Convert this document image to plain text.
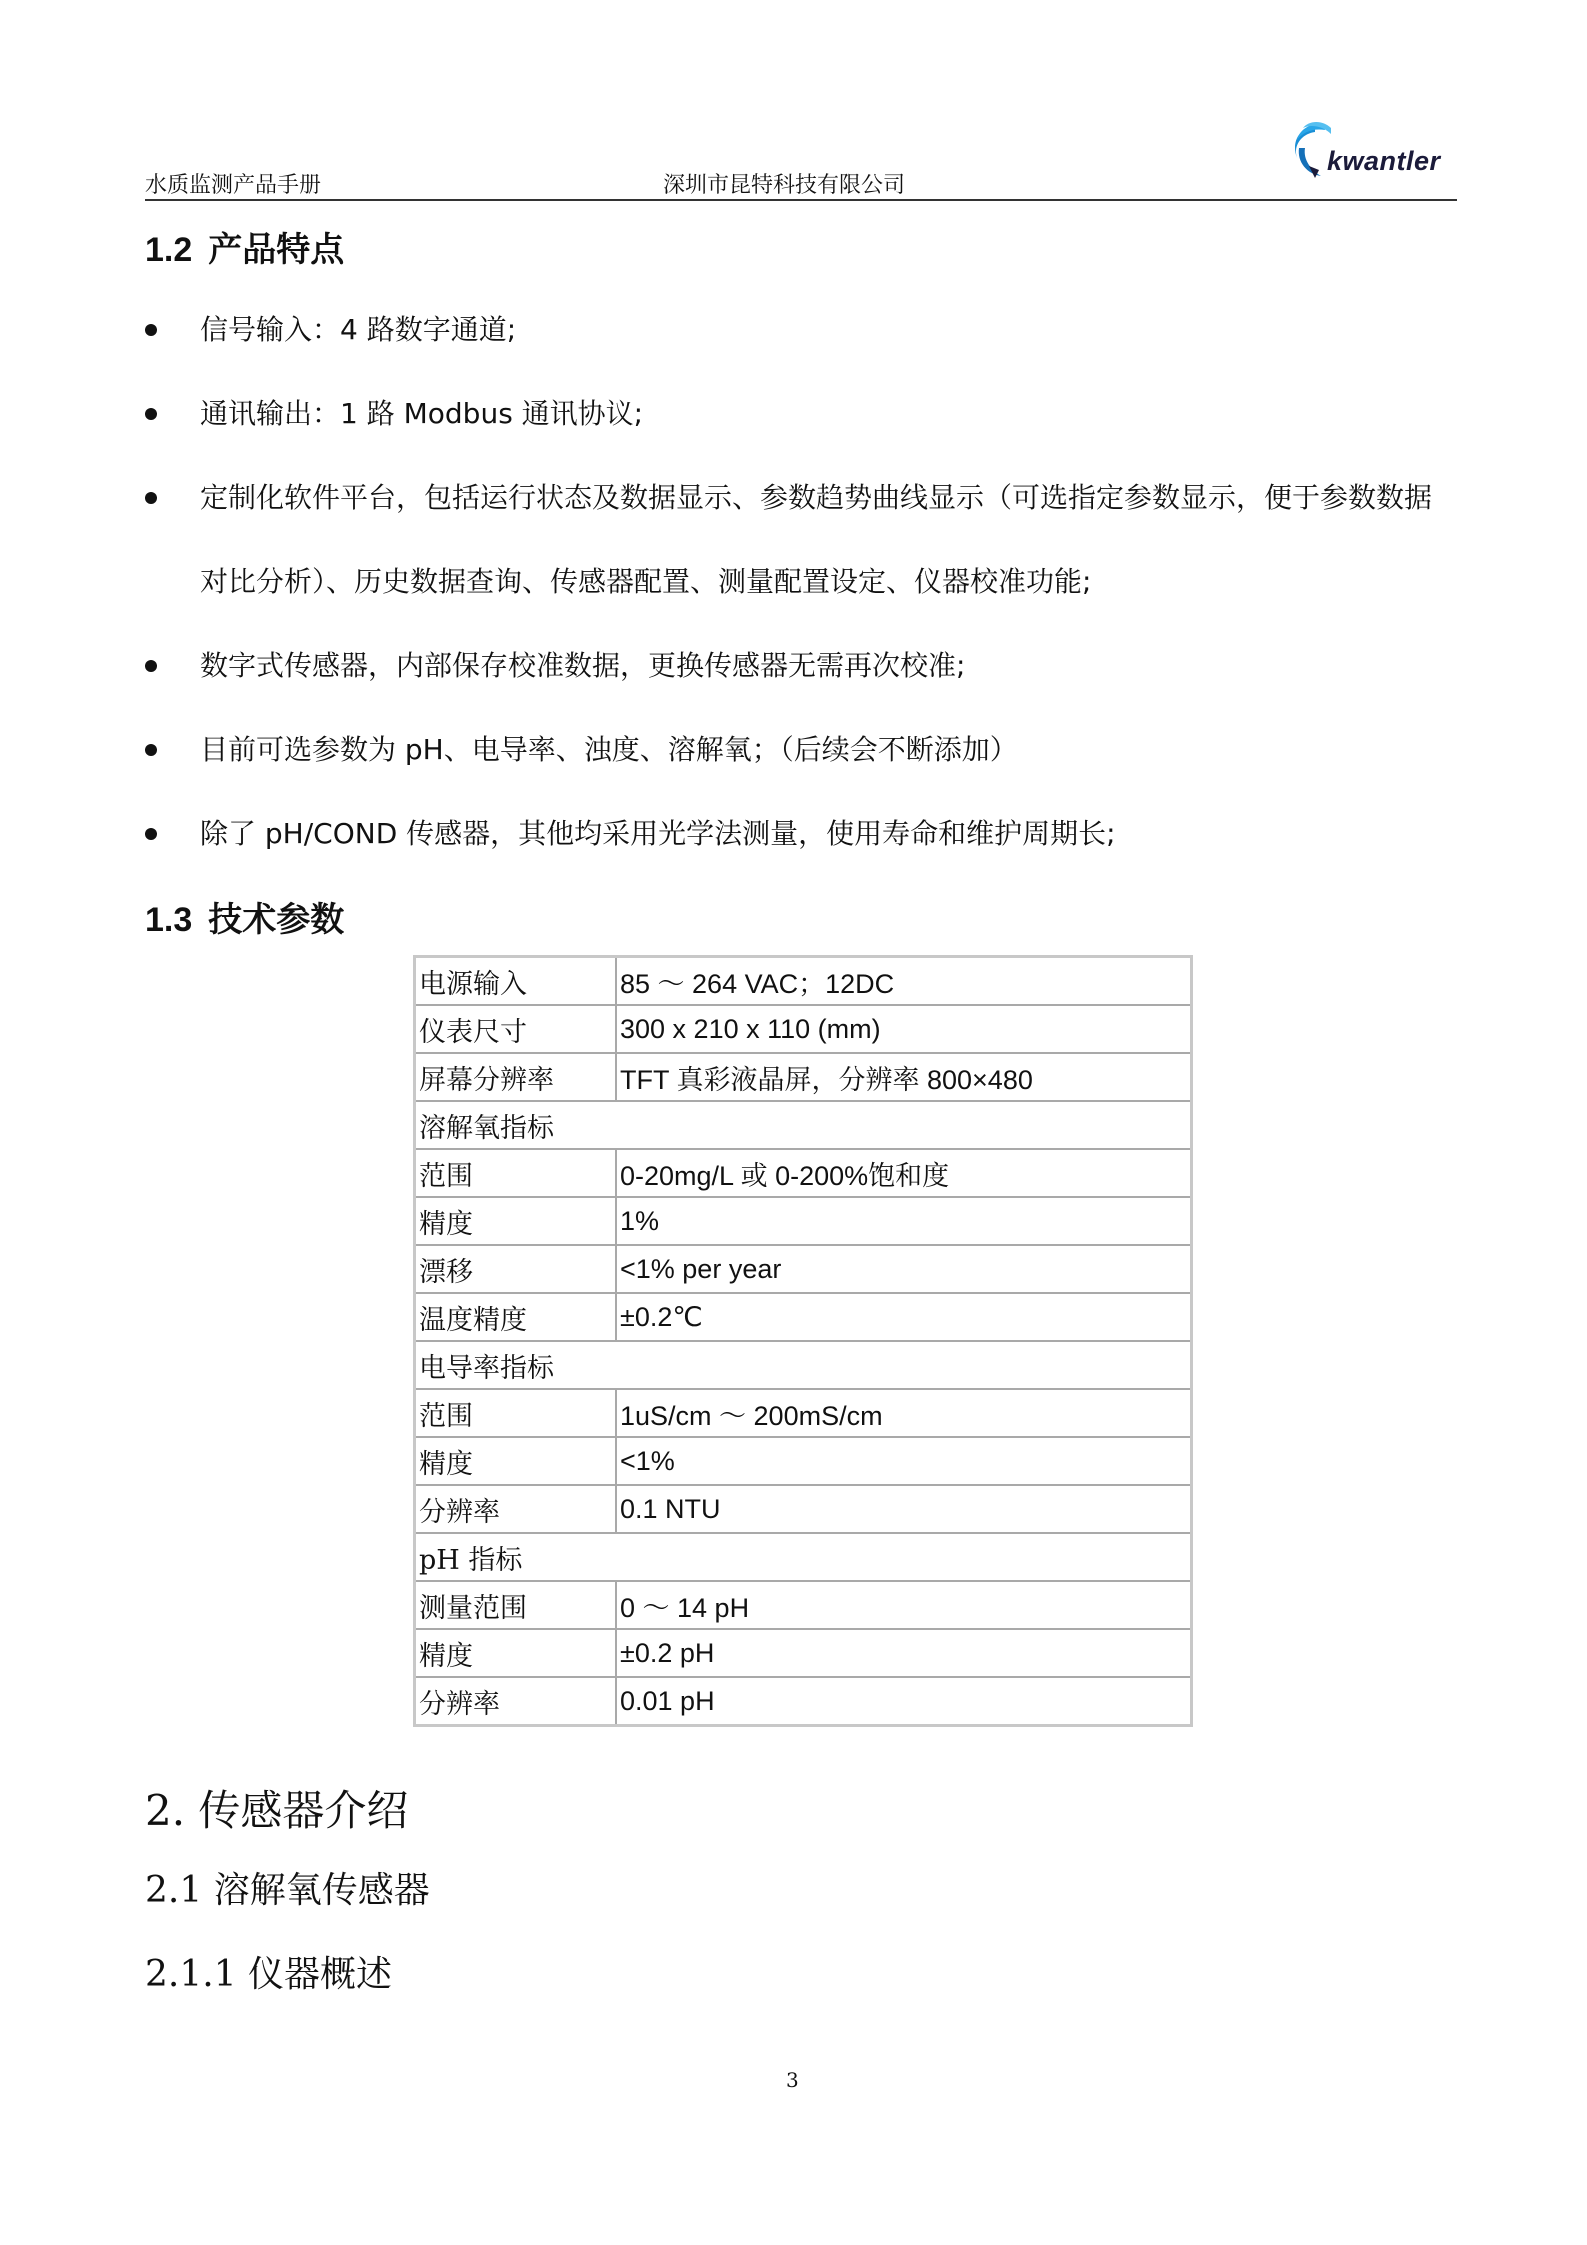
水质监测产品手册	深圳市昆特科技有限公司
kwantler
1.2 产品特点
信号输入：4 路数字通道;
通讯输出：1 路 Modbus 通讯协议;
定制化软件平台，包括运行状态及数据显示、参数趋势曲线显示（可选指定参数显示，便于参数数据
对比分析）、历史数据查询、传感器配置、测量配置设定、仪器校准功能;
数字式传感器，内部保存校准数据，更换传感器无需再次校准;
目前可选参数为 pH、电导率、浊度、溶解氧；（后续会不断添加）
除了 pH/COND 传感器，其他均采用光学法测量，使用寿命和维护周期长;
1.3 技术参数
电源输入	85 ～ 264 VAC；12DC
仪表尺寸	300 x 210 x 110 (mm)
屏幕分辨率	TFT 真彩液晶屏，分辨率 800×480
溶解氧指标	
范围	0-20mg/L 或 0-200%饱和度
精度	1%
漂移	<1% per year
温度精度	±0.2℃
电导率指标	
范围	1uS/cm ～ 200mS/cm
精度	<1%
分辨率	0.1 NTU
pH 指标	
测量范围	0 ～ 14 pH
精度	±0.2 pH
分辨率	0.01 pH
2. 传感器介绍
2.1 溶解氧传感器
2.1.1 仪器概述
3
